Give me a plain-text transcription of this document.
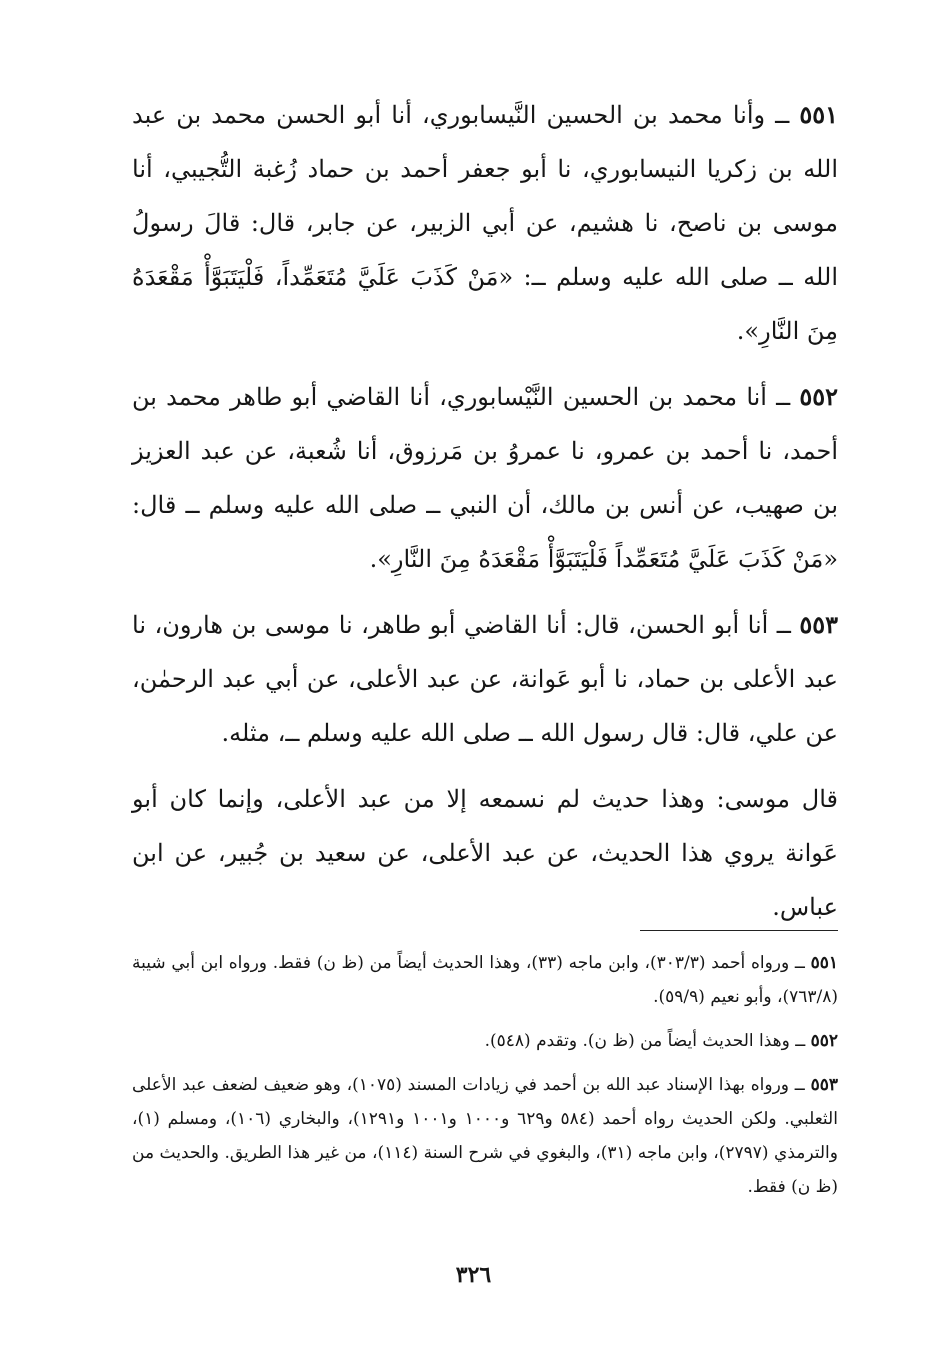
٥٥١ ــ وأنا محمد بن الحسين النَّيسابوري، أنا أبو الحسن محمد بن عبد الله بن زكريا النيسابوري، نا أبو جعفر أحمد بن حماد زُغبة التُّجيبي، أنا موسى بن ناصح، نا هشيم، عن أبي الزبير، عن جابر، قال: قالَ رسولُ الله ــ صلى الله عليه وسلم ــ: «مَنْ كَذَبَ عَلَيَّ مُتَعَمِّداً، فَلْيَتَبَوَّأْ مَقْعَدَهُ مِنَ النَّارِ».

٥٥٢ ــ أنا محمد بن الحسين النَّيْسابوري، أنا القاضي أبو طاهر محمد بن أحمد، نا أحمد بن عمرو، نا عمروُ بن مَرزوق، أنا شُعبة، عن عبد العزيز بن صهيب، عن أنس بن مالك، أن النبي ــ صلى الله عليه وسلم ــ قال: «مَنْ كَذَبَ عَلَيَّ مُتَعَمِّداً فَلْيَتَبَوَّأْ مَقْعَدَهُ مِنَ النَّارِ».

٥٥٣ ــ أنا أبو الحسن، قال: أنا القاضي أبو طاهر، نا موسى بن هارون، نا عبد الأعلى بن حماد، نا أبو عَوانة، عن عبد الأعلى، عن أبي عبد الرحمٰن، عن علي، قال: قال رسول الله ــ صلى الله عليه وسلم ــ، مثله.

قال موسى: وهذا حديث لم نسمعه إلا من عبد الأعلى، وإنما كان أبو عَوانة يروي هذا الحديث، عن عبد الأعلى، عن سعيد بن جُبير، عن ابن عباس.

٥٥١ ــ ورواه أحمد (٣٠٣/٣)، وابن ماجه (٣٣)، وهذا الحديث أيضاً من (ظ ن) فقط. ورواه ابن أبي شيبة (٧٦٣/٨)، وأبو نعيم (٥٩/٩).

٥٥٢ ــ وهذا الحديث أيضاً من (ظ ن). وتقدم (٥٤٨).

٥٥٣ ــ ورواه بهذا الإسناد عبد الله بن أحمد في زيادات المسند (١٠٧٥)، وهو ضعيف لضعف عبد الأعلى الثعلبي. ولكن الحديث رواه أحمد (٥٨٤ و٦٢٩ و١٠٠٠ و١٠٠١ و١٢٩١)، والبخاري (١٠٦)، ومسلم (١)، والترمذي (٢٧٩٧)، وابن ماجه (٣١)، والبغوي في شرح السنة (١١٤)، من غير هذا الطريق. والحديث من (ظ ن) فقط.

٣٢٦
